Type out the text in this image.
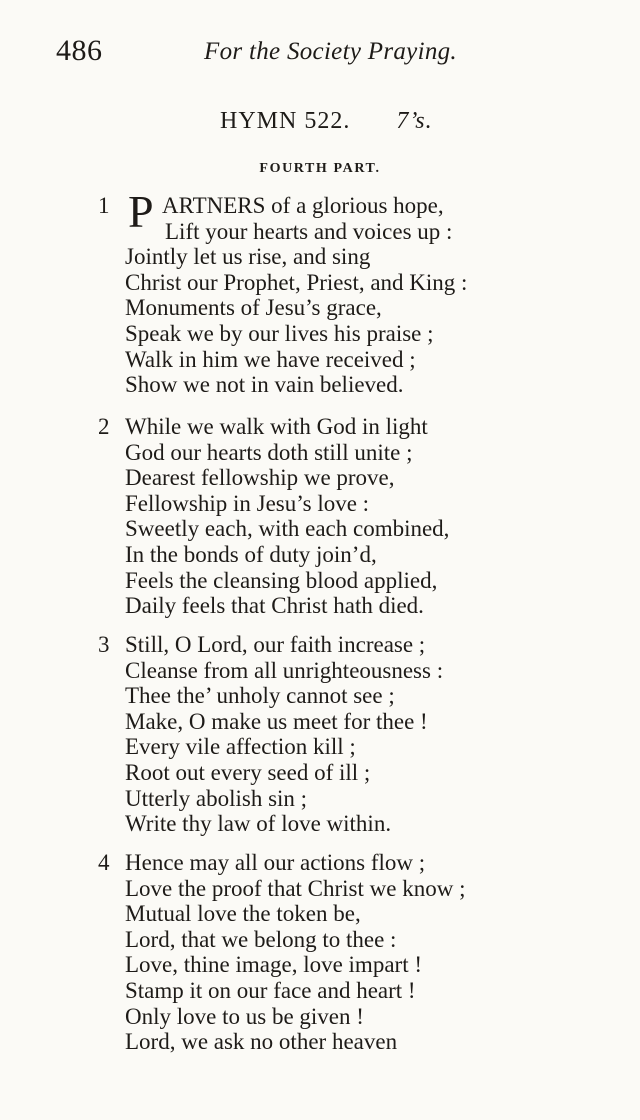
486	For the Society Praying.
HYMN 522. 7’s.
FOURTH PART.
1 P ARTNERS of a glorious hope,
Lift your hearts and voices up :
Jointly let us rise, and sing
Christ our Prophet, Priest, and King :
Monuments of Jesu’s grace,
Speak we by our lives his praise ;
Walk in him we have received ;
Show we not in vain believed.
2 While we walk with God in light
God our hearts doth still unite ;
Dearest fellowship we prove,
Fellowship in Jesu’s love :
Sweetly each, with each combined,
In the bonds of duty join’d,
Feels the cleansing blood applied,
Daily feels that Christ hath died.
3 Still, O Lord, our faith increase ;
Cleanse from all unrighteousness :
Thee the’ unholy cannot see ;
Make, O make us meet for thee !
Every vile affection kill ;
Root out every seed of ill ;
Utterly abolish sin ;
Write thy law of love within.
4 Hence may all our actions flow ;
Love the proof that Christ we know ;
Mutual love the token be,
Lord, that we belong to thee :
Love, thine image, love impart !
Stamp it on our face and heart !
Only love to us be given !
Lord, we ask no other heaven
